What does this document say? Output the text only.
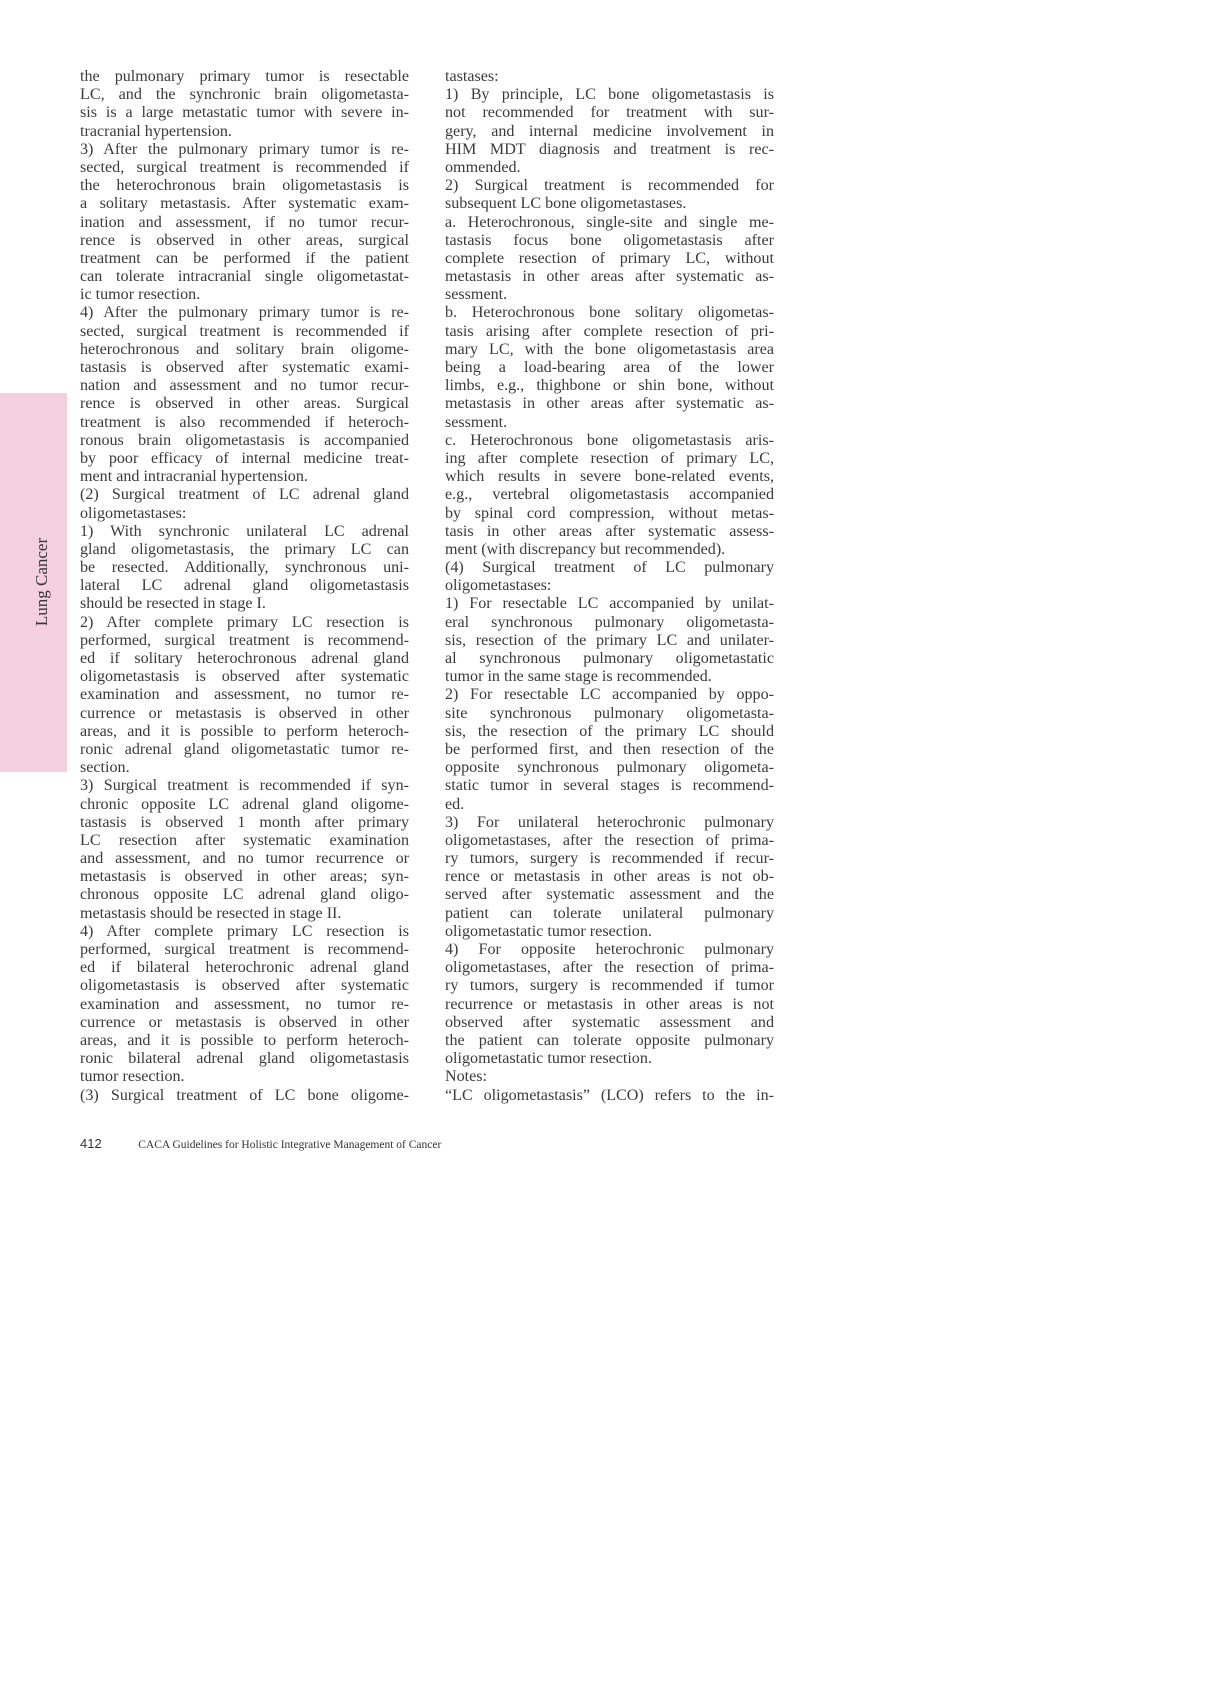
Lung Cancer
the pulmonary primary tumor is resectable
LC, and the synchronic brain oligometasta-
sis is a large metastatic tumor with severe in-
tracranial hypertension.
3) After the pulmonary primary tumor is re-
sected, surgical treatment is recommended if
the heterochronous brain oligometastasis is
a solitary metastasis. After systematic exam-
ination and assessment, if no tumor recur-
rence is observed in other areas, surgical
treatment can be performed if the patient
can tolerate intracranial single oligometastat-
ic tumor resection.
4) After the pulmonary primary tumor is re-
sected, surgical treatment is recommended if
heterochronous and solitary brain oligome-
tastasis is observed after systematic exami-
nation and assessment and no tumor recur-
rence is observed in other areas. Surgical
treatment is also recommended if heteroch-
ronous brain oligometastasis is accompanied
by poor efficacy of internal medicine treat-
ment and intracranial hypertension.
(2) Surgical treatment of LC adrenal gland
oligometastases:
1) With synchronic unilateral LC adrenal
gland oligometastasis, the primary LC can
be resected. Additionally, synchronous uni-
lateral LC adrenal gland oligometastasis
should be resected in stage I.
2) After complete primary LC resection is
performed, surgical treatment is recommend-
ed if solitary heterochronous adrenal gland
oligometastasis is observed after systematic
examination and assessment, no tumor re-
currence or metastasis is observed in other
areas, and it is possible to perform heteroch-
ronic adrenal gland oligometastatic tumor re-
section.
3) Surgical treatment is recommended if syn-
chronic opposite LC adrenal gland oligome-
tastasis is observed 1 month after primary
LC resection after systematic examination
and assessment, and no tumor recurrence or
metastasis is observed in other areas; syn-
chronous opposite LC adrenal gland oligo-
metastasis should be resected in stage II.
4) After complete primary LC resection is
performed, surgical treatment is recommend-
ed if bilateral heterochronic adrenal gland
oligometastasis is observed after systematic
examination and assessment, no tumor re-
currence or metastasis is observed in other
areas, and it is possible to perform heteroch-
ronic bilateral adrenal gland oligometastasis
tumor resection.
(3) Surgical treatment of LC bone oligome-
tastases:
1) By principle, LC bone oligometastasis is
not recommended for treatment with sur-
gery, and internal medicine involvement in
HIM MDT diagnosis and treatment is rec-
ommended.
2) Surgical treatment is recommended for
subsequent LC bone oligometastases.
a. Heterochronous, single-site and single me-
tastasis focus bone oligometastasis after
complete resection of primary LC, without
metastasis in other areas after systematic as-
sessment.
b. Heterochronous bone solitary oligometas-
tasis arising after complete resection of pri-
mary LC, with the bone oligometastasis area
being a load-bearing area of the lower
limbs, e.g., thighbone or shin bone, without
metastasis in other areas after systematic as-
sessment.
c. Heterochronous bone oligometastasis aris-
ing after complete resection of primary LC,
which results in severe bone-related events,
e.g., vertebral oligometastasis accompanied
by spinal cord compression, without metas-
tasis in other areas after systematic assess-
ment (with discrepancy but recommended).
(4) Surgical treatment of LC pulmonary
oligometastases:
1) For resectable LC accompanied by unilat-
eral synchronous pulmonary oligometasta-
sis, resection of the primary LC and unilater-
al synchronous pulmonary oligometastatic
tumor in the same stage is recommended.
2) For resectable LC accompanied by oppo-
site synchronous pulmonary oligometasta-
sis, the resection of the primary LC should
be performed first, and then resection of the
opposite synchronous pulmonary oligometa-
static tumor in several stages is recommend-
ed.
3) For unilateral heterochronic pulmonary
oligometastases, after the resection of prima-
ry tumors, surgery is recommended if recur-
rence or metastasis in other areas is not ob-
served after systematic assessment and the
patient can tolerate unilateral pulmonary
oligometastatic tumor resection.
4) For opposite heterochronic pulmonary
oligometastases, after the resection of prima-
ry tumors, surgery is recommended if tumor
recurrence or metastasis in other areas is not
observed after systematic assessment and
the patient can tolerate opposite pulmonary
oligometastatic tumor resection.
Notes:
“LC oligometastasis” (LCO) refers to the in-
412	CACA Guidelines for Holistic Integrative Management of Cancer
